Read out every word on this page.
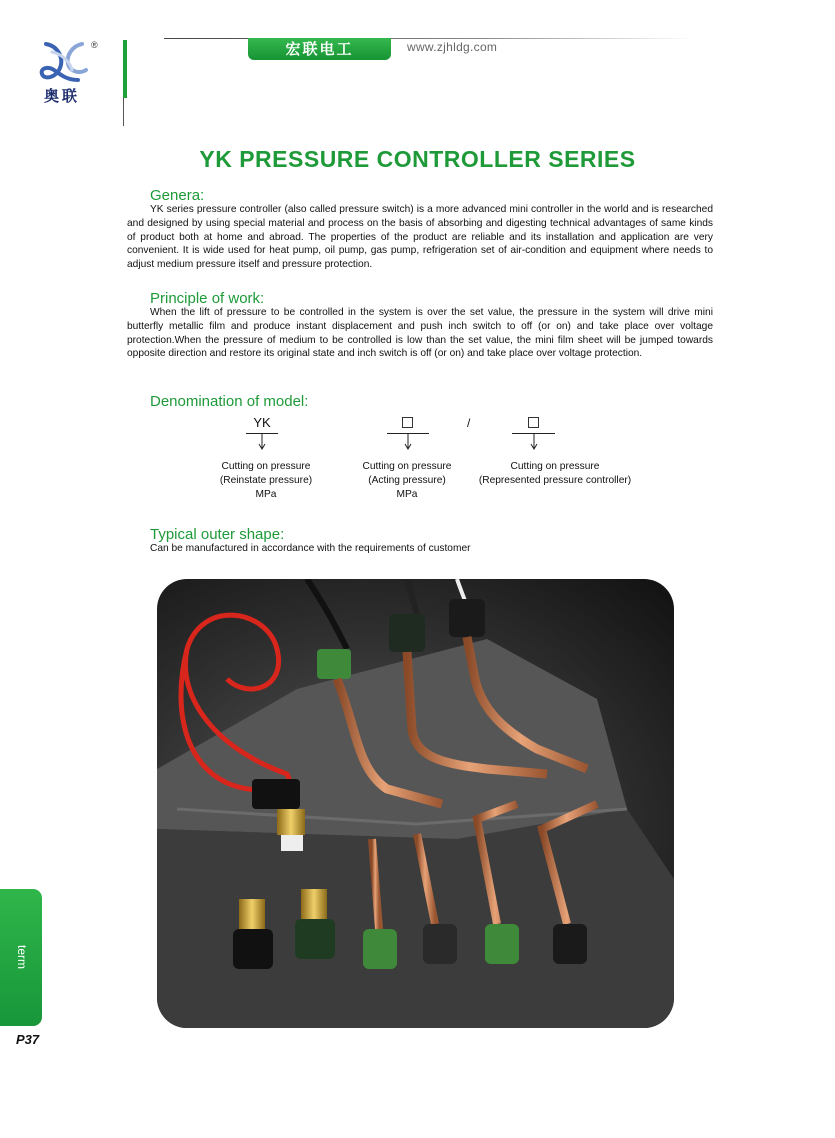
®
奥联
宏联电工	www.zjhldg.com
YK PRESSURE CONTROLLER SERIES
Genera:

YK series pressure controller (also called pressure switch) is a more advanced mini controller in the world and is researched and designed by using special material and process on the basis of absorbing and digesting technical advantages of same kinds of product both at home and abroad. The properties of the product are reliable and its installation and application are very convenient. It is wide used for heat pump, oil pump, gas pump, refrigeration set of air-condition and equipment where needs to adjust medium pressure itself and pressure protection.

Principle of work:

When the lift of pressure to be controlled in the system is over the set value, the pressure in the system will drive mini butterfly metallic film and produce instant displacement and push inch switch to off (or on) and take place over voltage protection.When the pressure of medium to be controlled is low than the set value, the mini film sheet will be jumped towards opposite direction and restore its original state and inch switch is off (or on) and take place over voltage protection.

Denomination of model:
YK	/
Cutting on pressure
(Reinstate pressure)
MPa
Cutting on pressure
(Acting pressure)
MPa
Cutting on pressure
(Represented pressure controller)
Typical outer shape:
Can be manufactured in accordance with the requirements of customer
term
P37
